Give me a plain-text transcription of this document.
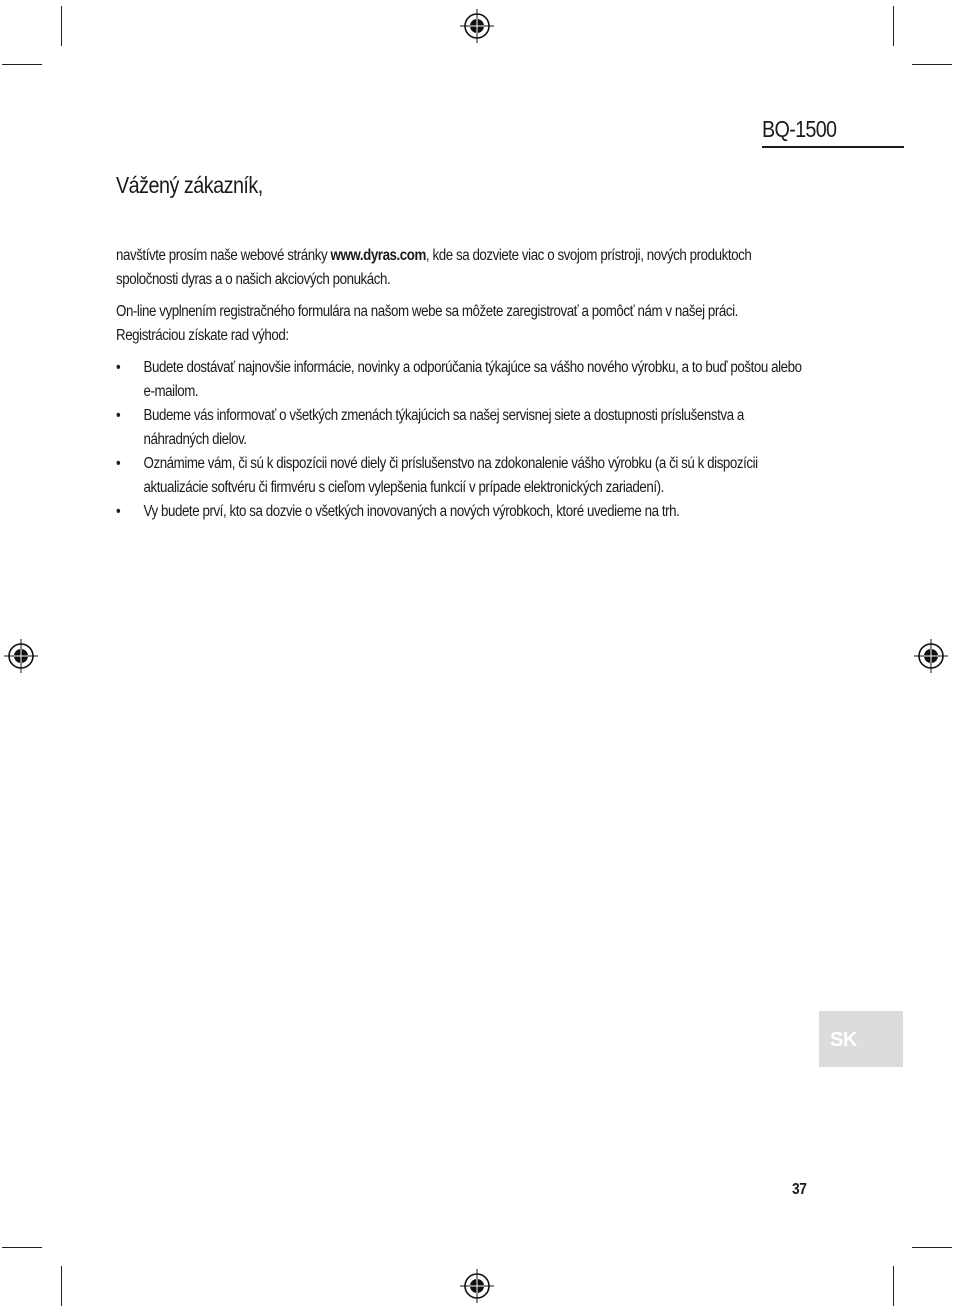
BQ-1500
Vážený zákazník,

navštívte prosím naše webové stránky www.dyras.com, kde sa dozviete viac o svojom prístroji, nových produktoch spoločnosti dyras a o našich akciových ponukách.

On-line vyplnením registračného formulára na našom webe sa môžete zaregistrovať a pomôcť nám v našej práci. Registráciou získate rad výhod:

• Budete dostávať najnovšie informácie, novinky a odporúčania týkajúce sa vášho nového výrobku, a to buď poštou alebo e-mailom.
• Budeme vás informovať o všetkých zmenách týkajúcich sa našej servisnej siete a dostupnosti príslušenstva a náhradných dielov.
• Oznámime vám, či sú k dispozícii nové diely či príslušenstvo na zdokonalenie vášho výrobku (a či sú k dispozícii aktualizácie softvéru či firmvéru s cieľom vylepšenia funkcií v prípade elektronických zariadení).
• Vy budete prví, kto sa dozvie o všetkých inovovaných a nových výrobkoch, ktoré uvedieme na trh.
SK
37
